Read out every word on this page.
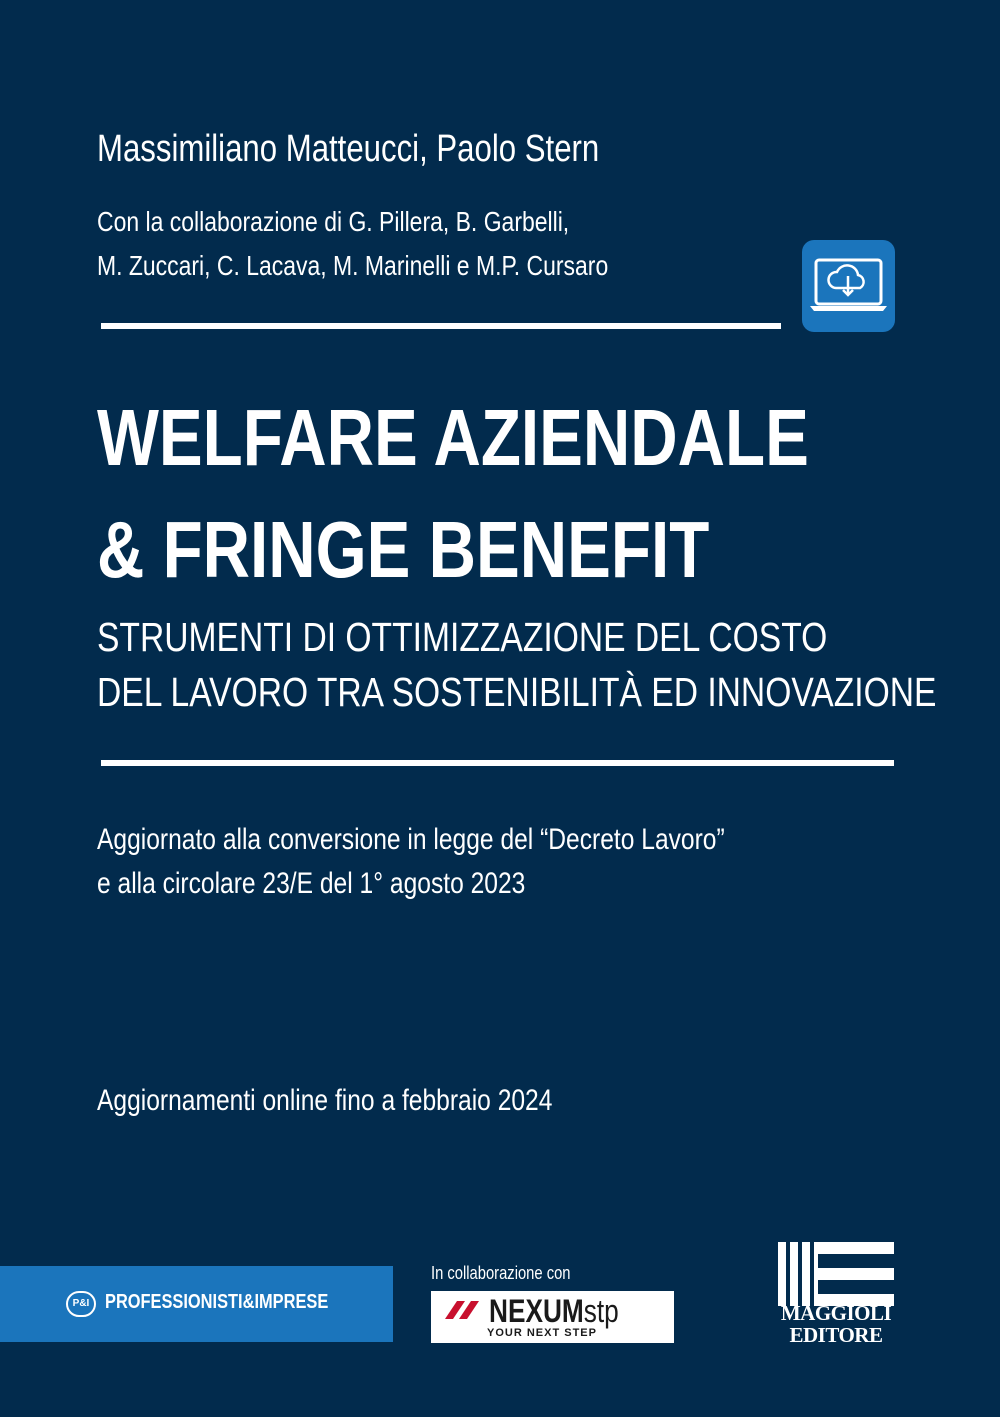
Massimiliano Matteucci, Paolo Stern
Con la collaborazione di G. Pillera, B. Garbelli,
M. Zuccari, C. Lacava, M. Marinelli e M.P. Cursaro
WELFARE AZIENDALE
& FRINGE BENEFIT
STRUMENTI DI OTTIMIZZAZIONE DEL COSTO
DEL LAVORO TRA SOSTENIBILITÀ ED INNOVAZIONE
Aggiornato alla conversione in legge del “Decreto Lavoro”
e alla circolare 23/E del 1° agosto 2023
Aggiornamenti online fino a febbraio 2024
P&I PROFESSIONISTI&IMPRESE
In collaborazione con
NEXUMstp
YOUR NEXT STEP
MAGGIOLI
EDITORE
